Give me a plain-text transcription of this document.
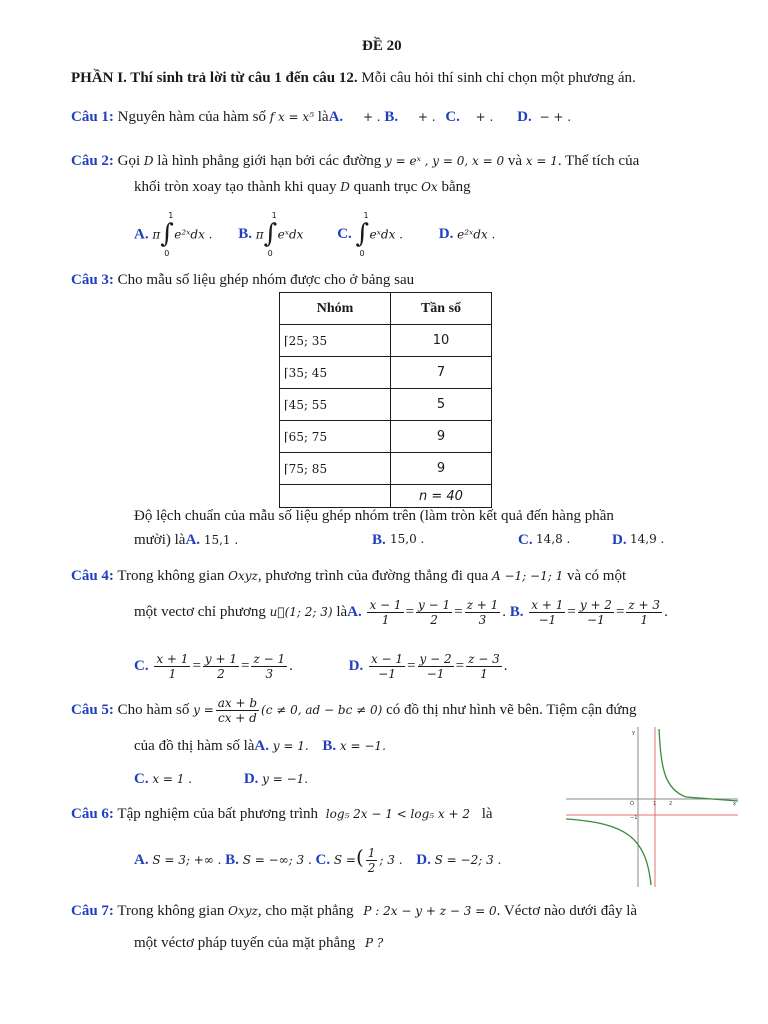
ĐỀ 20
PHẦN I. Thí sinh trả lời từ câu 1 đến câu 12. Mỗi câu hỏi thí sinh chỉ chọn một phương án.
Câu 1: Nguyên hàm của hàm số f x = x⁵ làA. + . B. + . C. + . D. − + .
Câu 2: Gọi D là hình phẳng giới hạn bởi các đường y = eˣ , y = 0, x = 0 và x = 1. Thể tích của
khối tròn xoay tạo thành khi quay D quanh trục Ox bằng
A. π ∫
1
0
e²ˣdx . B. π ∫
1
0
eˣdx C. ∫
1
0
eˣdx . D. e²ˣdx .
Câu 3: Cho mẫu số liệu ghép nhóm được cho ở bảng sau
Nhóm	Tần số
⌈25; 35	10
⌈35; 45	7
⌈45; 55	5
⌈65; 75	9
⌈75; 85	9
	n = 40
Độ lệch chuẩn của mẫu số liệu ghép nhóm trên (làm tròn kết quả đến hàng phần
mười) làA. 15,1 .	B. 15,0 .	C. 14,8 .	D. 14,9 .
Câu 4: Trong không gian Oxyz, phương trình của đường thẳng đi qua A −1; −1; 1 và có một
một vectơ chỉ phương u⃗(1; 2; 3) làA. $\frac{x - 1}{1} = \frac{y - 1}{2} = \frac{z + 1}{3}$ . B. $\frac{x + 1}{-1} = \frac{y + 2}{-1} = \frac{z + 3}{1}$ .
C. $\frac{x + 1}{1} = \frac{y + 1}{2} = \frac{z - 1}{3}$ .	D. $\frac{x - 1}{-1} = \frac{y - 2}{-1} = \frac{z - 3}{1}$ .
Câu 5: Cho hàm số $y = \frac{ax + b}{cx + d} (c \ne 0$, ad − bc ≠ 0) có đồ thị như hình vẽ bên. Tiệm cận đứng
của đồ thị hàm số làA. y = 1. B. x = −1.
C. x = 1 .	D. y = −1.
O	1	2
−1
x
y
Câu 6: Tập nghiệm của bất phương trình log₅ 2x − 1 < log₅ x + 2 là
A. S = 3; +∞ . B. S = −∞; 3 . C. S =( $\frac{1}{2}$ ; 3 . D. S = −2; 3 .
Câu 7: Trong không gian Oxyz, cho mặt phẳng P : 2x − y + z − 3 = 0. Véctơ nào dưới đây là
một véctơ pháp tuyến của mặt phẳng P ?
